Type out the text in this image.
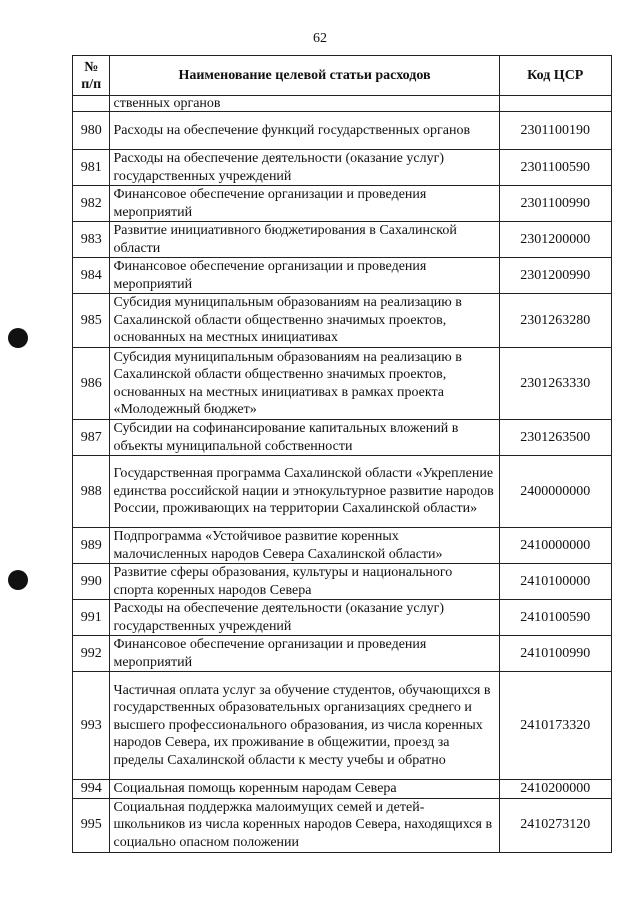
62
№
п/п	Наименование целевой статьи расходов	Код ЦСР
	ственных органов	
980	Расходы на обеспечение функций государственных органов	2301100190
981	Расходы на обеспечение деятельности (оказание услуг) государственных учреждений	2301100590
982	Финансовое обеспечение организации и проведения мероприятий	2301100990
983	Развитие инициативного бюджетирования в Сахалинской области	2301200000
984	Финансовое обеспечение организации и проведения мероприятий	2301200990
985	Субсидия муниципальным образованиям на реализацию в Сахалинской области общественно значимых проектов, основанных на местных инициативах	2301263280
986	Субсидия муниципальным образованиям на реализацию в Сахалинской области общественно значимых проектов, основанных на местных инициативах в рамках проекта «Молодежный бюджет»	2301263330
987	Субсидии на софинансирование капитальных вложений в объекты муниципальной собственности	2301263500
988	Государственная программа Сахалинской области «Укрепление единства российской нации и этнокультурное развитие народов России, проживающих на территории Сахалинской области»	2400000000
989	Подпрограмма «Устойчивое развитие коренных малочисленных народов Севера Сахалинской области»	2410000000
990	Развитие сферы образования, культуры и национального спорта коренных народов Севера	2410100000
991	Расходы на обеспечение деятельности (оказание услуг) государственных учреждений	2410100590
992	Финансовое обеспечение организации и проведения мероприятий	2410100990
993	Частичная оплата услуг за обучение студентов, обучающихся в государственных образовательных организациях среднего и высшего профессионального образования, из числа коренных народов Севера, их проживание в общежитии, проезд за пределы Сахалинской области к месту учебы и обратно	2410173320
994	Социальная помощь коренным народам Севера	2410200000
995	Социальная поддержка малоимущих семей и детей-школьников из числа коренных народов Севера, находящихся в социально опасном положении	2410273120
